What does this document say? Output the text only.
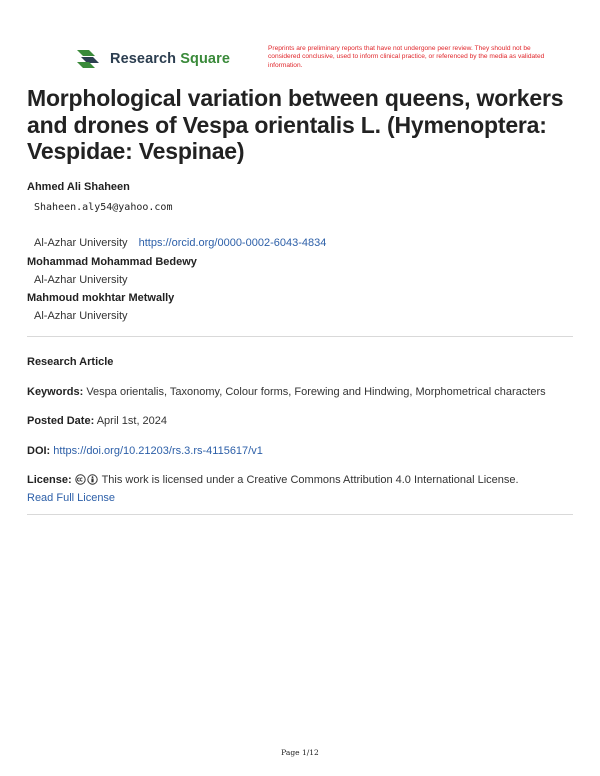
Research Square
Preprints are preliminary reports that have not undergone peer review. They should not be considered conclusive, used to inform clinical practice, or referenced by the media as validated information.
Morphological variation between queens, workers and drones of Vespa orientalis L. (Hymenoptera: Vespidae: Vespinae)
Ahmed Ali Shaheen
Shaheen.aly54@yahoo.com
Al-Azhar University https://orcid.org/0000-0002-6043-4834
Mohammad Mohammad Bedewy
Al-Azhar University
Mahmoud mokhtar Metwally
Al-Azhar University
Research Article
Keywords: Vespa orientalis, Taxonomy, Colour forms, Forewing and Hindwing, Morphometrical characters
Posted Date: April 1st, 2024
DOI: https://doi.org/10.21203/rs.3.rs-4115617/v1
License:	This work is licensed under a Creative Commons Attribution 4.0 International License.
Read Full License
Page 1/12
